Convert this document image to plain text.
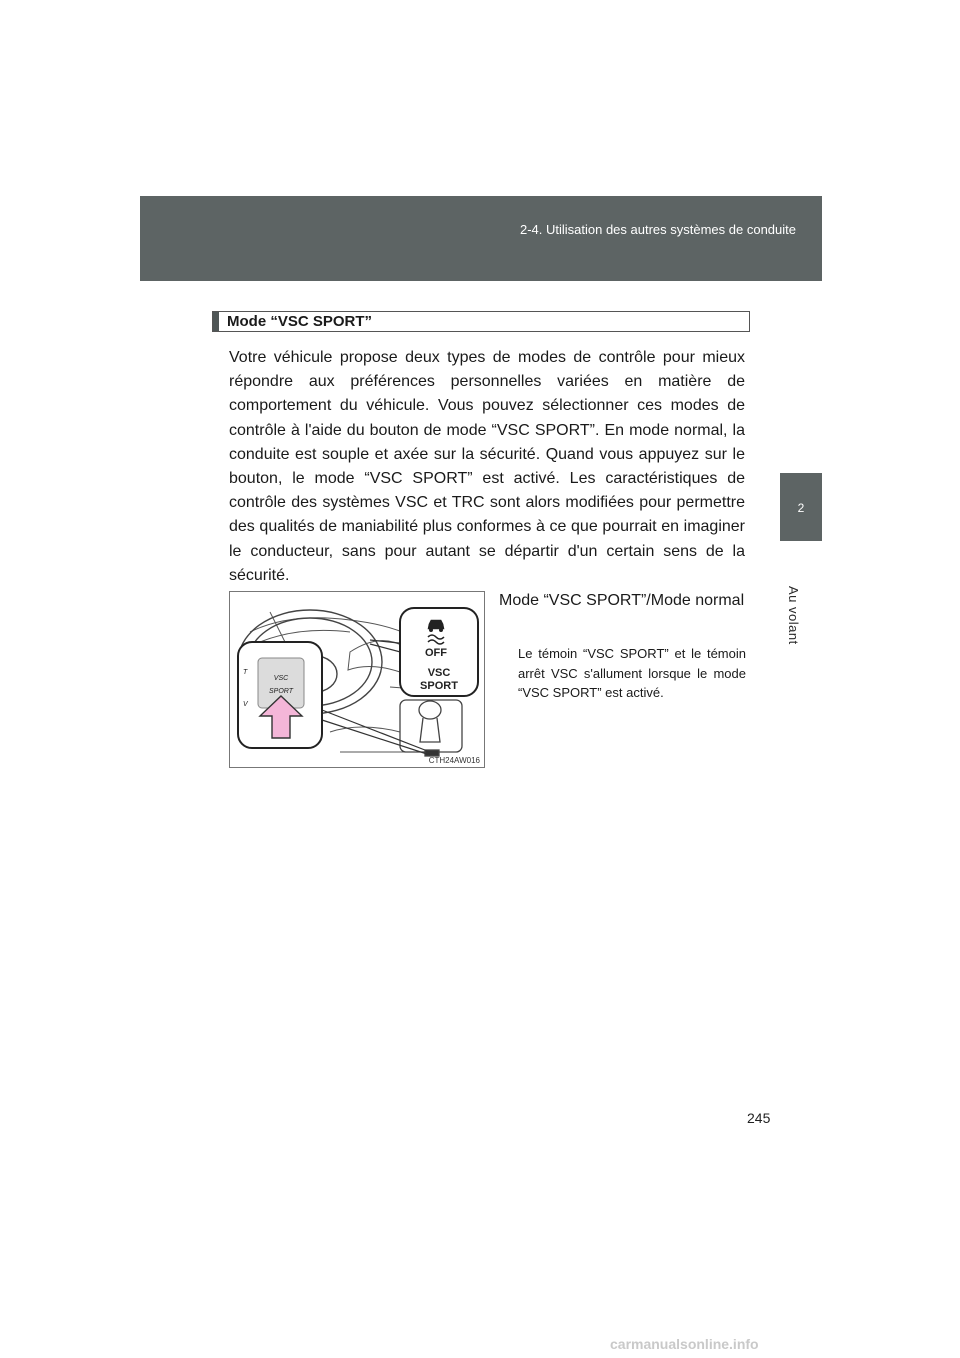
2-4. Utilisation des autres systèmes de conduite
2
Au volant
Mode “VSC SPORT”
Votre véhicule propose deux types de modes de contrôle pour mieux répondre aux préférences personnelles variées en matière de comportement du véhicule. Vous pouvez sélectionner ces modes de contrôle à l'aide du bouton de mode “VSC SPORT”. En mode normal, la conduite est souple et axée sur la sécurité. Quand vous appuyez sur le bouton, le mode “VSC SPORT” est activé. Les caractéristiques de contrôle des systèmes VSC et TRC sont alors modifiées pour permettre des qualités de maniabilité plus conformes à ce que pourrait en imaginer le conducteur, sans pour autant se départir d'un certain sens de la sécurité.
VSC
SPORT
T
V
OFF
VSC
SPORT
CTH24AW016
Mode “VSC SPORT”/Mode normal
Le témoin “VSC SPORT” et le témoin arrêt VSC s'allument lorsque le mode “VSC SPORT” est activé.
245
carmanualsonline.info
